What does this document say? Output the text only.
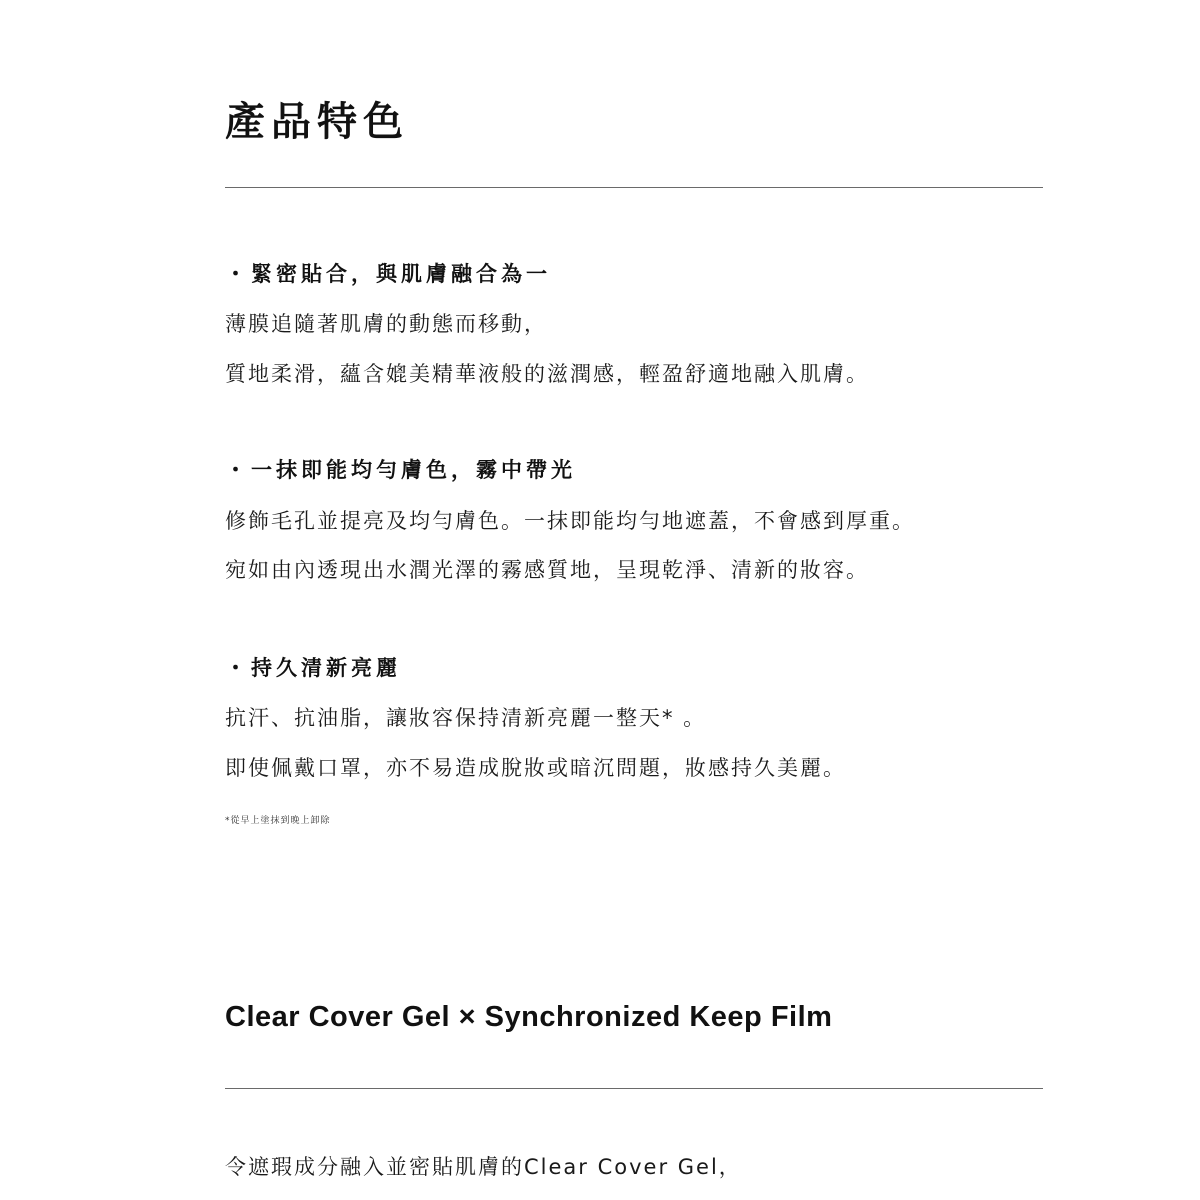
產品特色
・緊密貼合，與肌膚融合為一
薄膜追隨著肌膚的動態而移動，
質地柔滑，蘊含媲美精華液般的滋潤感，輕盈舒適地融入肌膚。
・一抹即能均勻膚色，霧中帶光
修飾毛孔並提亮及均勻膚色。一抹即能均勻地遮蓋，不會感到厚重。
宛如由內透現出水潤光澤的霧感質地，呈現乾淨、清新的妝容。
・持久清新亮麗
抗汗、抗油脂，讓妝容保持清新亮麗一整天* 。
即使佩戴口罩，亦不易造成脫妝或暗沉問題，妝感持久美麗。
*從早上塗抹到晚上卸除
Clear Cover Gel × Synchronized Keep Film
令遮瑕成分融入並密貼肌膚的Clear Cover Gel，
